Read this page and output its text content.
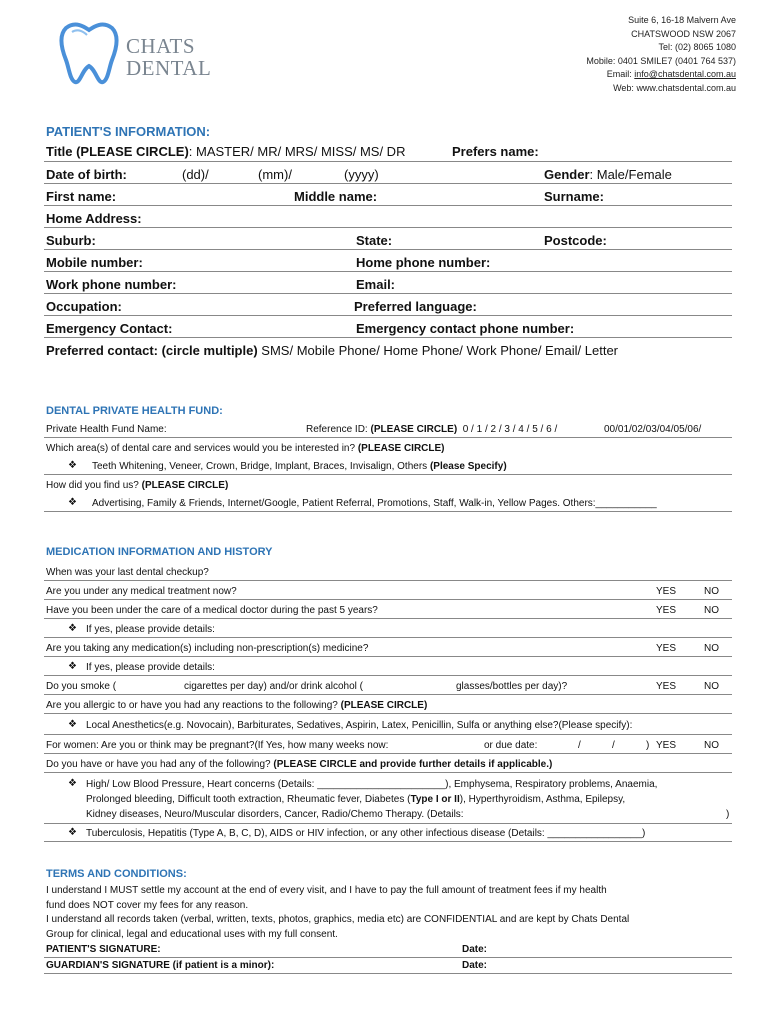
CHATS
DENTAL
Suite 6, 16-18 Malvern Ave
CHATSWOOD NSW 2067
Tel: (02) 8065 1080
Mobile: 0401 SMILE7 (0401 764 537)
Email: info@chatsdental.com.au
Web: www.chatsdental.com.au
PATIENT'S INFORMATION:
Title (PLEASE CIRCLE): MASTER/ MR/ MRS/ MISS/ MS/ DR	Prefers name:
Date of birth:	(dd)/	(mm)/	(yyyy)	Gender: Male/Female
First name:	Middle name:	Surname:
Home Address:
Suburb:	State:	Postcode:
Mobile number:	Home phone number:
Work phone number:	Email:
Occupation:	Preferred language:
Emergency Contact:	Emergency contact phone number:
Preferred contact: (circle multiple) SMS/ Mobile Phone/ Home Phone/ Work Phone/ Email/ Letter
DENTAL PRIVATE HEALTH FUND:
Private Health Fund Name:	Reference ID: (PLEASE CIRCLE) 0 / 1 / 2 / 3 / 4 / 5 / 6 /	00/01/02/03/04/05/06/
Which area(s) of dental care and services would you be interested in? (PLEASE CIRCLE)
❖ Teeth Whitening, Veneer, Crown, Bridge, Implant, Braces, Invisalign, Others (Please Specify)
How did you find us? (PLEASE CIRCLE)
❖ Advertising, Family & Friends, Internet/Google, Patient Referral, Promotions, Staff, Walk-in, Yellow Pages. Others:___________
MEDICATION INFORMATION AND HISTORY
When was your last dental checkup?
Are you under any medical treatment now?	YES	NO
Have you been under the care of a medical doctor during the past 5 years?	YES	NO
❖ If yes, please provide details:
Are you taking any medication(s) including non-prescription(s) medicine?	YES	NO
❖ If yes, please provide details:
Do you smoke (	cigarettes per day) and/or drink alcohol (	glasses/bottles per day)?	YES	NO
Are you allergic to or have you had any reactions to the following? (PLEASE CIRCLE)
❖ Local Anesthetics(e.g. Novocain), Barbiturates, Sedatives, Aspirin, Latex, Penicillin, Sulfa or anything else?(Please specify):
For women: Are you or think may be pregnant?(If Yes, how many weeks now:	or due date:	/	/	) YES	NO
Do you have or have you had any of the following? (PLEASE CIRCLE and provide further details if applicable.)
❖ High/ Low Blood Pressure, Heart concerns (Details: _______________________), Emphysema, Respiratory problems, Anaemia,
Prolonged bleeding, Difficult tooth extraction, Rheumatic fever, Diabetes (Type I or II), Hyperthyroidism, Asthma, Epilepsy,
Kidney diseases, Neuro/Muscular disorders, Cancer, Radio/Chemo Therapy. (Details:	)
❖ Tuberculosis, Hepatitis (Type A, B, C, D), AIDS or HIV infection, or any other infectious disease (Details: _________________)
TERMS AND CONDITIONS:
I understand I MUST settle my account at the end of every visit, and I have to pay the full amount of treatment fees if my health
fund does NOT cover my fees for any reason.
I understand all records taken (verbal, written, texts, photos, graphics, media etc) are CONFIDENTIAL and are kept by Chats Dental
Group for clinical, legal and educational uses with my full consent.
PATIENT'S SIGNATURE:	Date:
GUARDIAN'S SIGNATURE (if patient is a minor):	Date:
